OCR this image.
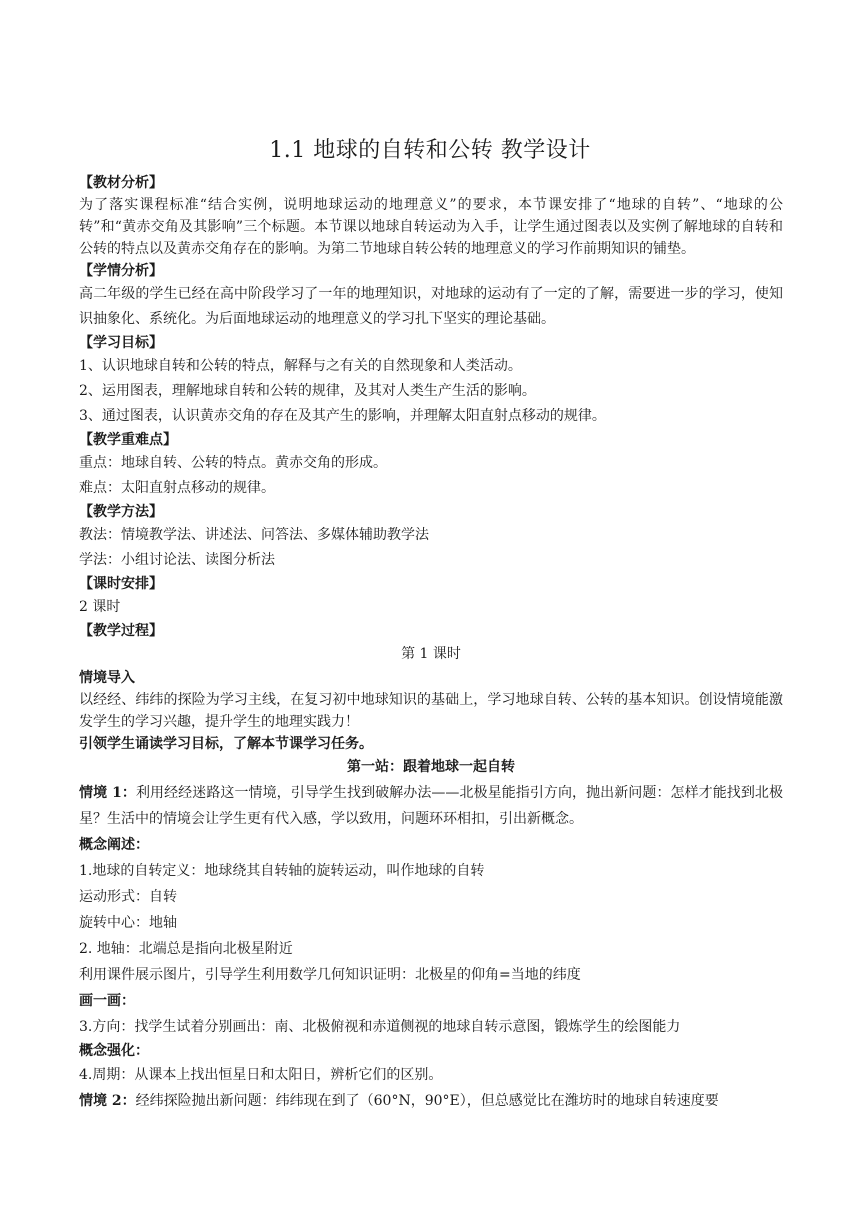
1.1 地球的自转和公转 教学设计

【教材分析】

为了落实课程标准“结合实例，说明地球运动的地理意义”的要求，本节课安排了“地球的自转”、“地球的公转”和“黄赤交角及其影响”三个标题。本节课以地球自转运动为入手，让学生通过图表以及实例了解地球的自转和公转的特点以及黄赤交角存在的影响。为第二节地球自转公转的地理意义的学习作前期知识的铺垫。

【学情分析】

高二年级的学生已经在高中阶段学习了一年的地理知识，对地球的运动有了一定的了解，需要进一步的学习，使知识抽象化、系统化。为后面地球运动的地理意义的学习扎下坚实的理论基础。

【学习目标】

1、认识地球自转和公转的特点，解释与之有关的自然现象和人类活动。

2、运用图表，理解地球自转和公转的规律，及其对人类生产生活的影响。

3、通过图表，认识黄赤交角的存在及其产生的影响，并理解太阳直射点移动的规律。

【教学重难点】

重点：地球自转、公转的特点。黄赤交角的形成。

难点：太阳直射点移动的规律。

【教学方法】

教法：情境教学法、讲述法、问答法、多媒体辅助教学法

学法：小组讨论法、读图分析法

【课时安排】

2 课时

【教学过程】

第 1 课时

情境导入

以经经、纬纬的探险为学习主线，在复习初中地球知识的基础上，学习地球自转、公转的基本知识。创设情境能激发学生的学习兴趣，提升学生的地理实践力！

引领学生诵读学习目标，了解本节课学习任务。

第一站：跟着地球一起自转

情境 1：利用经经迷路这一情境，引导学生找到破解办法——北极星能指引方向，抛出新问题：怎样才能找到北极星？生活中的情境会让学生更有代入感，学以致用，问题环环相扣，引出新概念。

概念阐述：

1.地球的自转定义：地球绕其自转轴的旋转运动，叫作地球的自转

运动形式：自转

旋转中心：地轴

2. 地轴：北端总是指向北极星附近

利用课件展示图片，引导学生利用数学几何知识证明：北极星的仰角=当地的纬度

画一画：

3.方向：找学生试着分别画出：南、北极俯视和赤道侧视的地球自转示意图，锻炼学生的绘图能力

概念强化：

4.周期：从课本上找出恒星日和太阳日，辨析它们的区别。

情境 2：经纬探险抛出新问题：纬纬现在到了（60°N，90°E），但总感觉比在潍坊时的地球自转速度要
